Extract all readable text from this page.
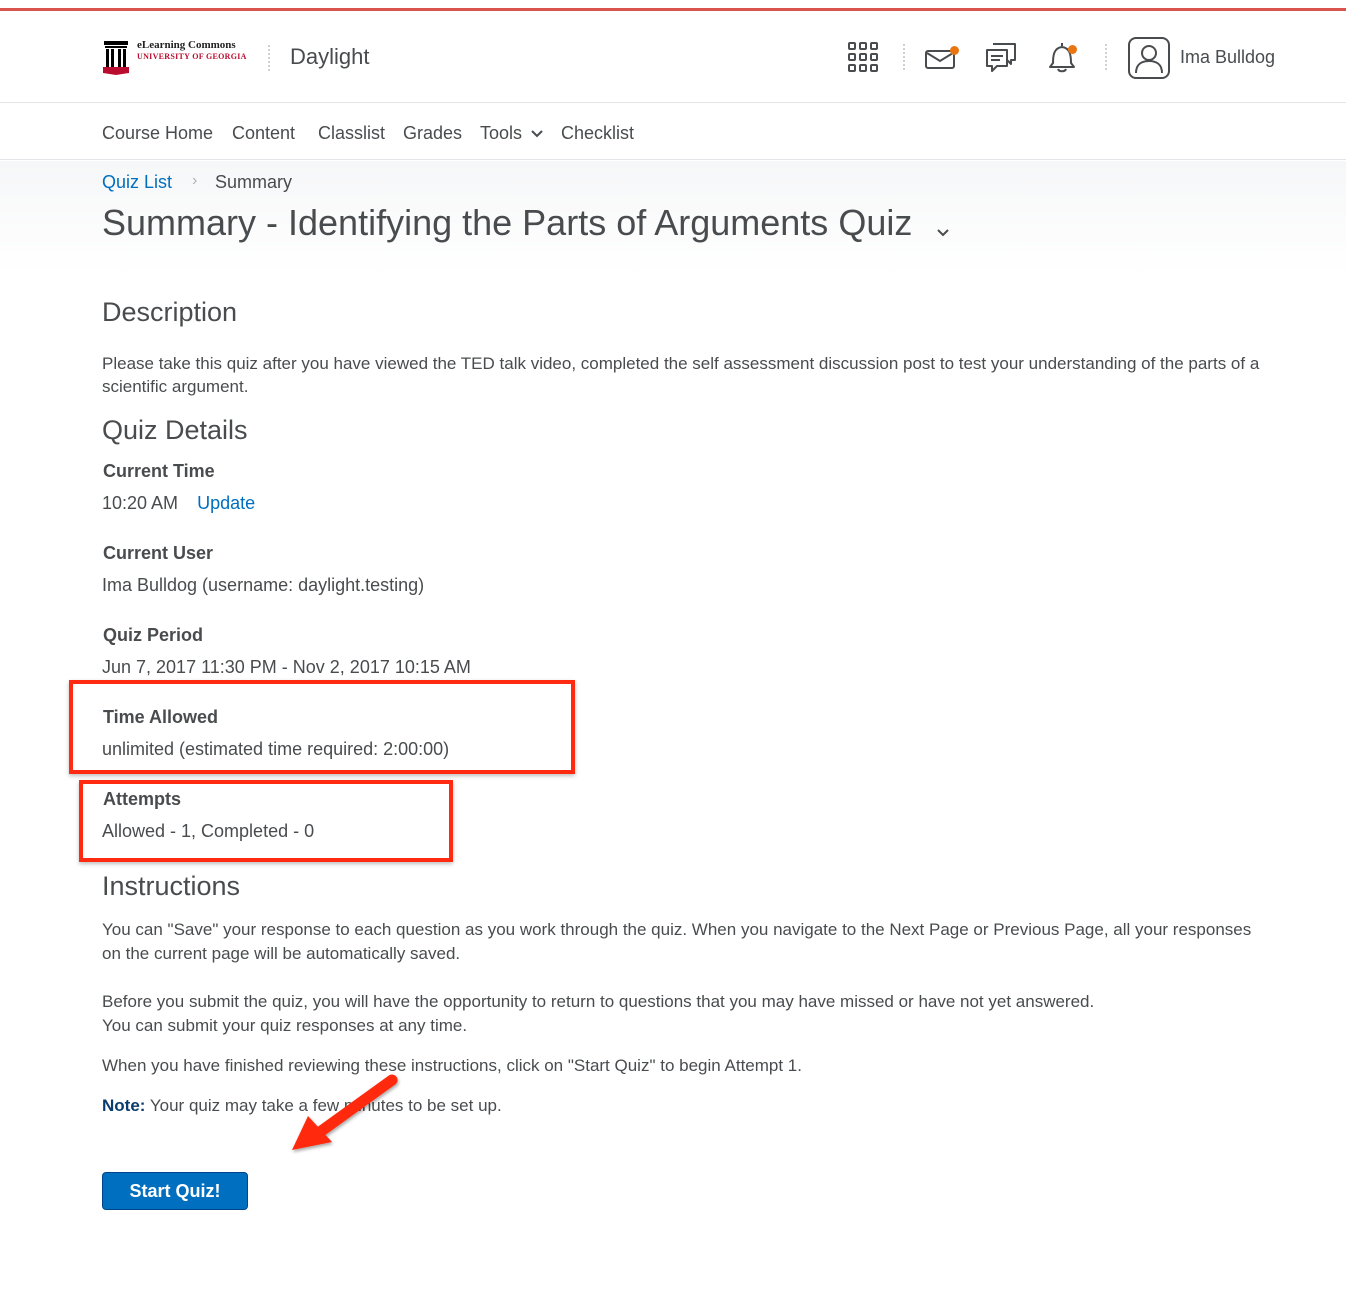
eLearning Commons
UNIVERSITY OF GEORGIA Daylight	Ima Bulldog
Course Home Content Classlist Grades Tools	Checklist
Quiz List › Summary
Summary - Identifying the Parts of Arguments Quiz
Description
Please take this quiz after you have viewed the TED talk video, completed the self assessment discussion post to test your understanding of the parts of a scientific argument.
Quiz Details
Current Time
10:20 AM Update
Current User
Ima Bulldog (username: daylight.testing)
Quiz Period
Jun 7, 2017 11:30 PM - Nov 2, 2017 10:15 AM
Time Allowed
unlimited (estimated time required: 2:00:00)
Attempts
Allowed - 1, Completed - 0
Instructions
You can "Save" your response to each question as you work through the quiz. When you navigate to the Next Page or Previous Page, all your responses on the current page will be automatically saved.
Before you submit the quiz, you will have the opportunity to return to questions that you may have missed or have not yet answered.
You can submit your quiz responses at any time.
When you have finished reviewing these instructions, click on "Start Quiz" to begin Attempt 1.
Note: Your quiz may take a few minutes to be set up.
Start Quiz!
